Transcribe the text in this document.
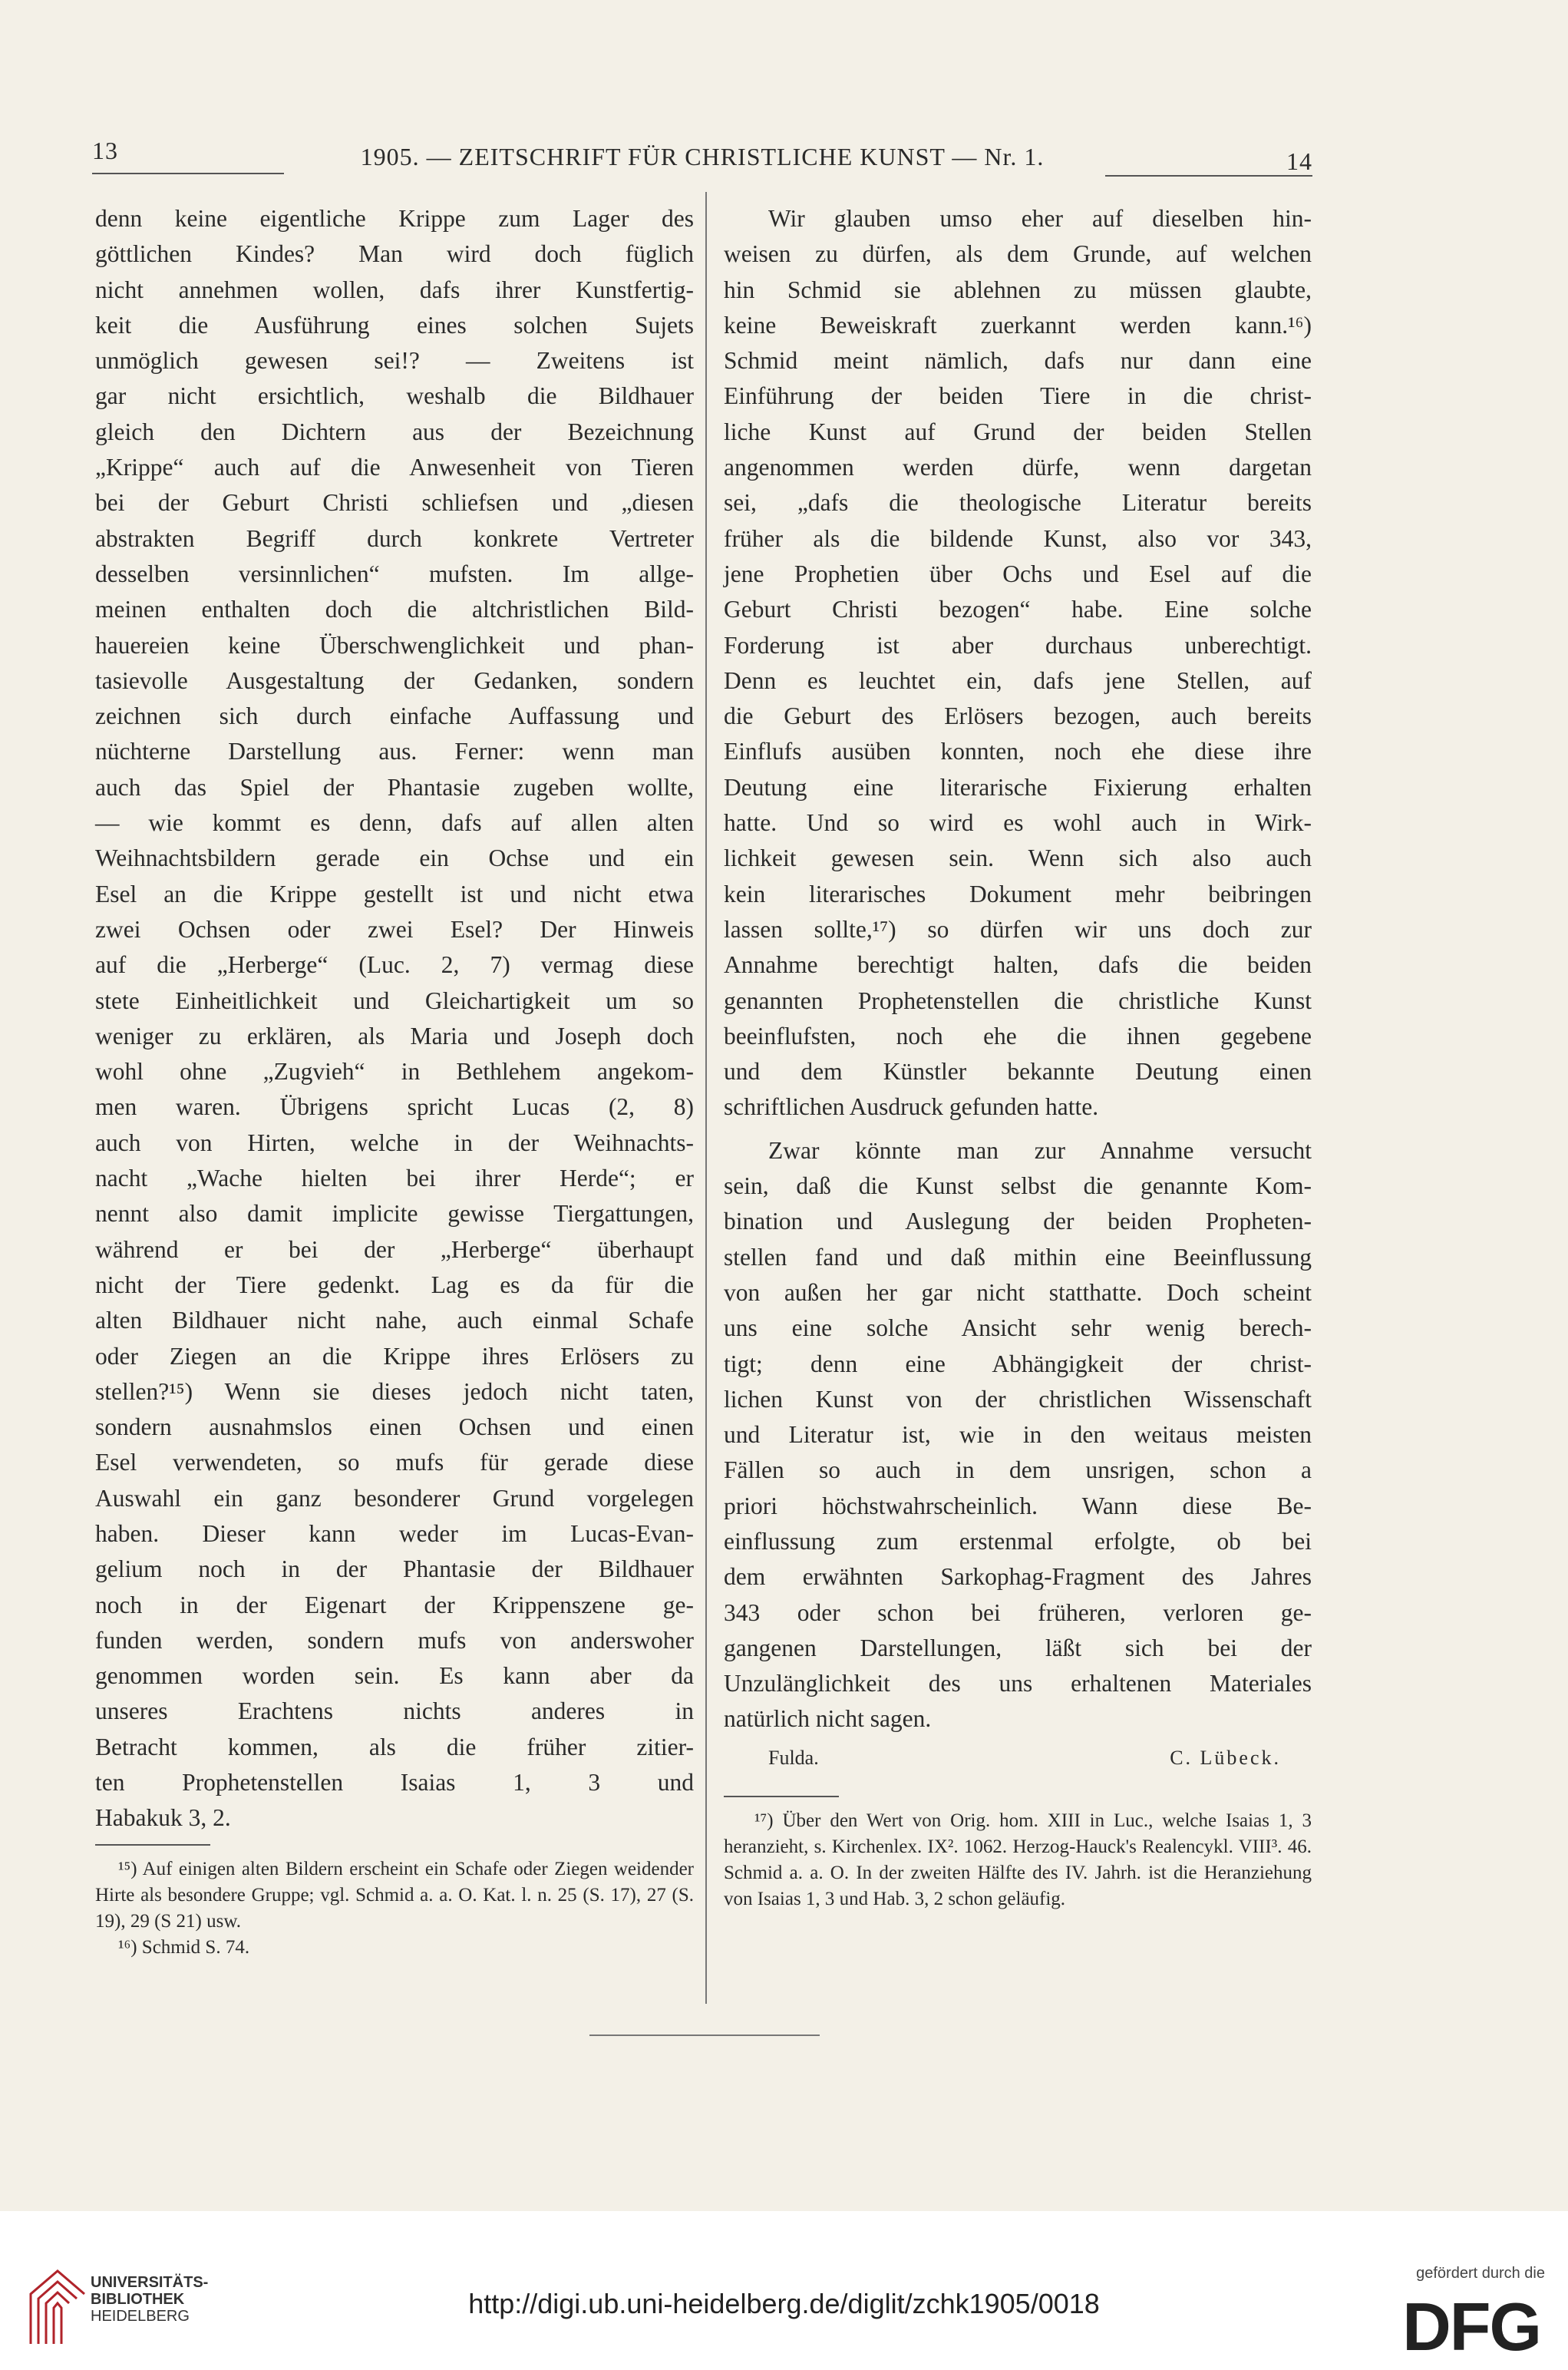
13	1905. — ZEITSCHRIFT FÜR CHRISTLICHE KUNST — Nr. 1.	14
denn keine eigentliche Krippe zum Lager des
göttlichen Kindes? Man wird doch füglich
nicht annehmen wollen, dafs ihrer Kunstfertig-
keit die Ausführung eines solchen Sujets
unmöglich gewesen sei!? — Zweitens ist
gar nicht ersichtlich, weshalb die Bildhauer
gleich den Dichtern aus der Bezeichnung
„Krippe“ auch auf die Anwesenheit von Tieren
bei der Geburt Christi schliefsen und „diesen
abstrakten Begriff durch konkrete Vertreter
desselben versinnlichen“ mufsten. Im allge-
meinen enthalten doch die altchristlichen Bild-
hauereien keine Überschwenglichkeit und phan-
tasievolle Ausgestaltung der Gedanken, sondern
zeichnen sich durch einfache Auffassung und
nüchterne Darstellung aus. Ferner: wenn man
auch das Spiel der Phantasie zugeben wollte,
— wie kommt es denn, dafs auf allen alten
Weihnachtsbildern gerade ein Ochse und ein
Esel an die Krippe gestellt ist und nicht etwa
zwei Ochsen oder zwei Esel? Der Hinweis
auf die „Herberge“ (Luc. 2, 7) vermag diese
stete Einheitlichkeit und Gleichartigkeit um so
weniger zu erklären, als Maria und Joseph doch
wohl ohne „Zugvieh“ in Bethlehem angekom-
men waren. Übrigens spricht Lucas (2, 8)
auch von Hirten, welche in der Weihnachts-
nacht „Wache hielten bei ihrer Herde“; er
nennt also damit implicite gewisse Tiergattungen,
während er bei der „Herberge“ überhaupt
nicht der Tiere gedenkt. Lag es da für die
alten Bildhauer nicht nahe, auch einmal Schafe
oder Ziegen an die Krippe ihres Erlösers zu
stellen?¹⁵) Wenn sie dieses jedoch nicht taten,
sondern ausnahmslos einen Ochsen und einen
Esel verwendeten, so mufs für gerade diese
Auswahl ein ganz besonderer Grund vorgelegen
haben. Dieser kann weder im Lucas-Evan-
gelium noch in der Phantasie der Bildhauer
noch in der Eigenart der Krippenszene ge-
funden werden, sondern mufs von anderswoher
genommen worden sein. Es kann aber da
unseres Erachtens nichts anderes in
Betracht kommen, als die früher zitier-
ten Prophetenstellen Isaias 1, 3 und
Habakuk 3, 2.
¹⁵) Auf einigen alten Bildern erscheint ein Schafe oder Ziegen weidender Hirte als besondere Gruppe; vgl. Schmid a. a. O. Kat. l. n. 25 (S. 17), 27 (S. 19), 29 (S 21) usw.
¹⁶) Schmid S. 74.
Wir glauben umso eher auf dieselben hin-
weisen zu dürfen, als dem Grunde, auf welchen
hin Schmid sie ablehnen zu müssen glaubte,
keine Beweiskraft zuerkannt werden kann.¹⁶)
Schmid meint nämlich, dafs nur dann eine
Einführung der beiden Tiere in die christ-
liche Kunst auf Grund der beiden Stellen
angenommen werden dürfe, wenn dargetan
sei, „dafs die theologische Literatur bereits
früher als die bildende Kunst, also vor 343,
jene Prophetien über Ochs und Esel auf die
Geburt Christi bezogen“ habe. Eine solche
Forderung ist aber durchaus unberechtigt.
Denn es leuchtet ein, dafs jene Stellen, auf
die Geburt des Erlösers bezogen, auch bereits
Einflufs ausüben konnten, noch ehe diese ihre
Deutung eine literarische Fixierung erhalten
hatte. Und so wird es wohl auch in Wirk-
lichkeit gewesen sein. Wenn sich also auch
kein literarisches Dokument mehr beibringen
lassen sollte,¹⁷) so dürfen wir uns doch zur
Annahme berechtigt halten, dafs die beiden
genannten Prophetenstellen die christliche Kunst
beeinflufsten, noch ehe die ihnen gegebene
und dem Künstler bekannte Deutung einen
schriftlichen Ausdruck gefunden hatte.
Zwar könnte man zur Annahme versucht
sein, daß die Kunst selbst die genannte Kom-
bination und Auslegung der beiden Propheten-
stellen fand und daß mithin eine Beeinflussung
von außen her gar nicht statthatte. Doch scheint
uns eine solche Ansicht sehr wenig berech-
tigt; denn eine Abhängigkeit der christ-
lichen Kunst von der christlichen Wissenschaft
und Literatur ist, wie in den weitaus meisten
Fällen so auch in dem unsrigen, schon a
priori höchstwahrscheinlich. Wann diese Be-
einflussung zum erstenmal erfolgte, ob bei
dem erwähnten Sarkophag-Fragment des Jahres
343 oder schon bei früheren, verloren ge-
gangenen Darstellungen, läßt sich bei der
Unzulänglichkeit des uns erhaltenen Materiales
natürlich nicht sagen.
Fulda.	C. Lübeck.
¹⁷) Über den Wert von Orig. hom. XIII in Luc., welche Isaias 1, 3 heranzieht, s. Kirchenlex. IX². 1062. Herzog-Hauck's Realencykl. VIII³. 46. Schmid a. a. O. In der zweiten Hälfte des IV. Jahrh. ist die Heranziehung von Isaias 1, 3 und Hab. 3, 2 schon geläufig.
UNIVERSITÄTS-
BIBLIOTHEK
HEIDELBERG	http://digi.ub.uni-heidelberg.de/diglit/zchk1905/0018
gefördert durch die
DFG
